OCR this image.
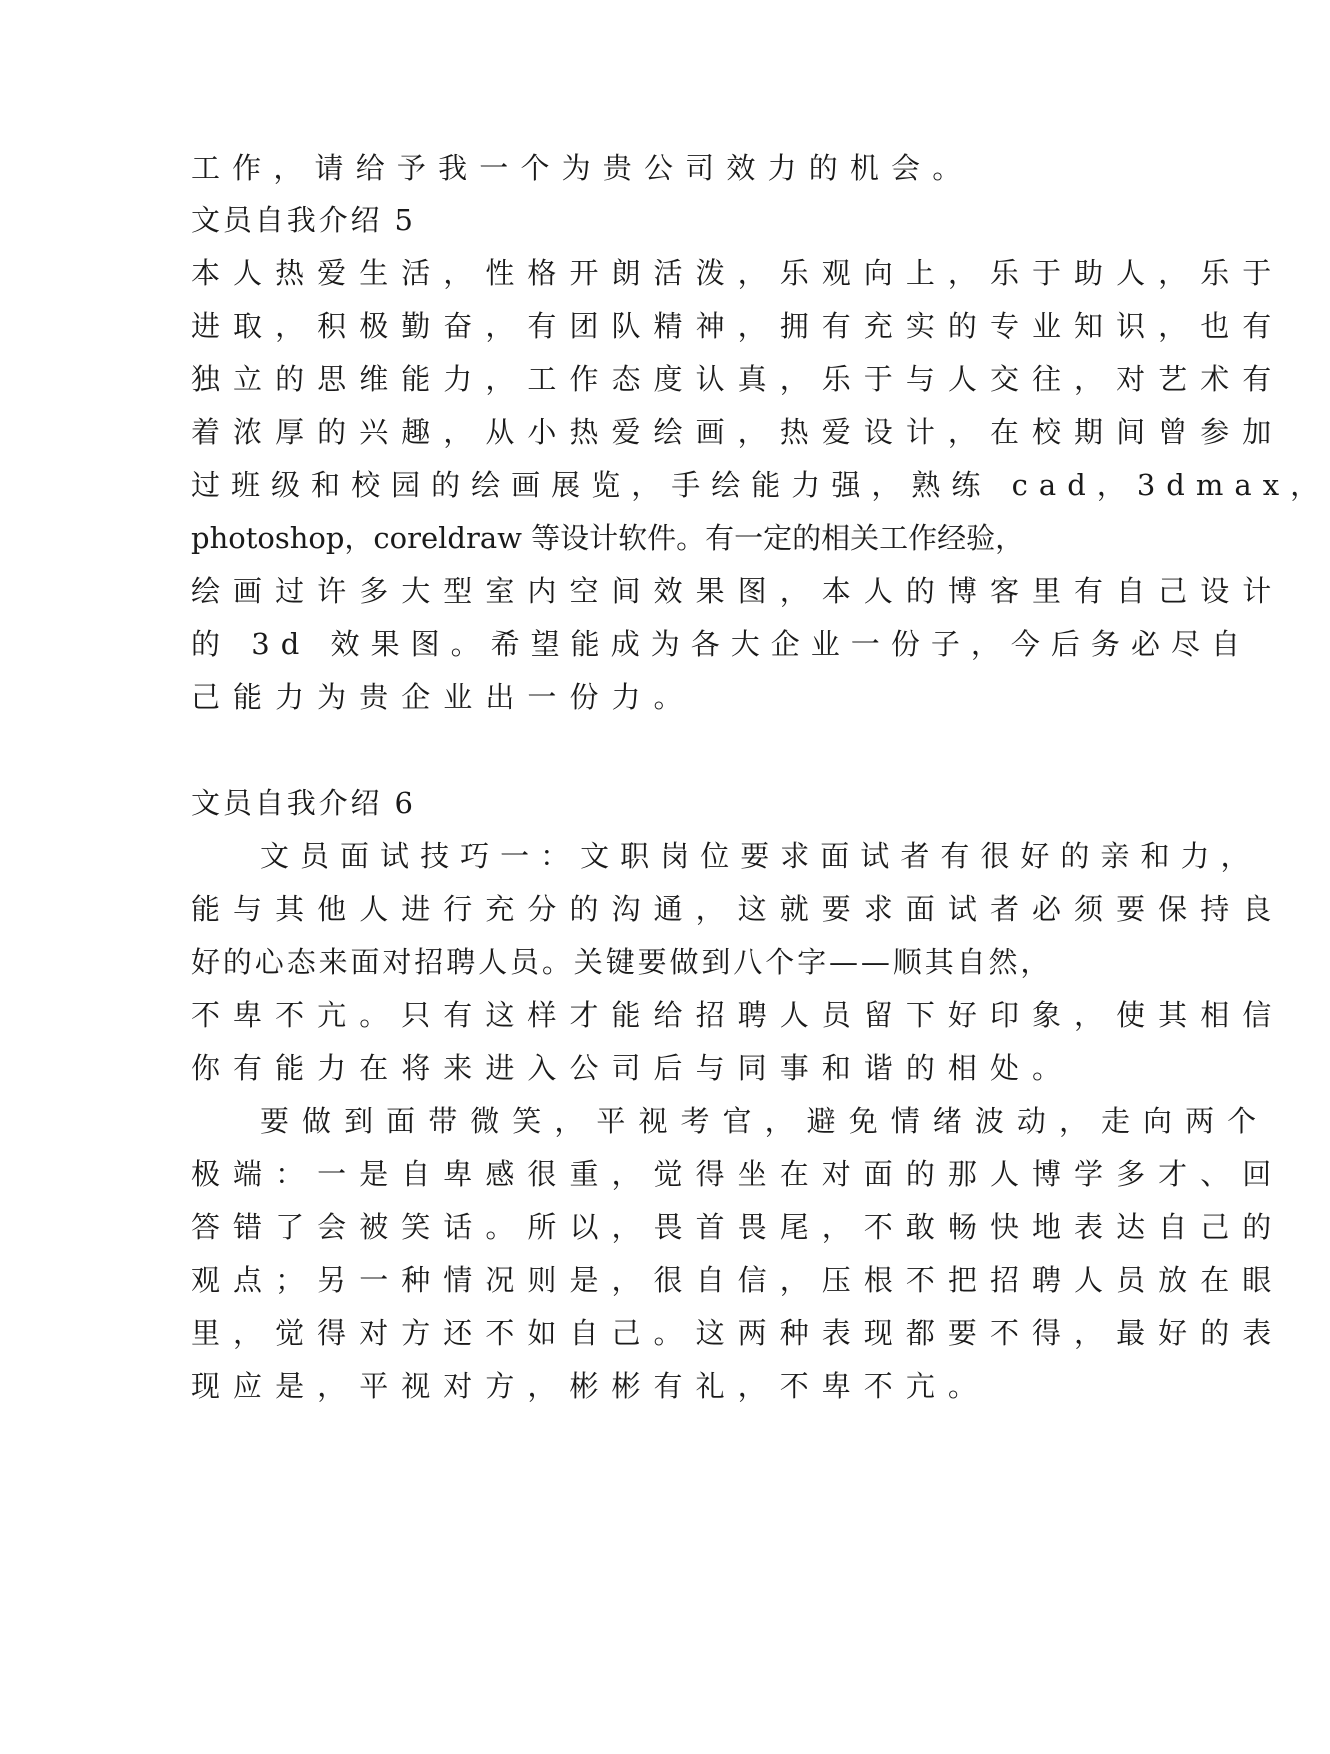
工作，请给予我一个为贵公司效力的机会。
文员自我介绍 5
本人热爱生活，性格开朗活泼，乐观向上，乐于助人，乐于
进取，积极勤奋，有团队精神，拥有充实的专业知识，也有
独立的思维能力，工作态度认真，乐于与人交往，对艺术有
着浓厚的兴趣，从小热爱绘画，热爱设计，在校期间曾参加
过班级和校园的绘画展览，手绘能力强，熟练 cad，3dmax，
photoshop，coreldraw 等设计软件。有一定的相关工作经验，
绘画过许多大型室内空间效果图，本人的博客里有自己设计
的 3d 效果图。希望能成为各大企业一份子，今后务必尽自
己能力为贵企业出一份力。
文员自我介绍 6
文员面试技巧一：文职岗位要求面试者有很好的亲和力，
能与其他人进行充分的沟通，这就要求面试者必须要保持良
好的心态来面对招聘人员。关键要做到八个字——顺其自然，
不卑不亢。只有这样才能给招聘人员留下好印象，使其相信
你有能力在将来进入公司后与同事和谐的相处。
要做到面带微笑，平视考官，避免情绪波动，走向两个
极端：一是自卑感很重，觉得坐在对面的那人博学多才、回
答错了会被笑话。所以，畏首畏尾，不敢畅快地表达自己的
观点；另一种情况则是，很自信，压根不把招聘人员放在眼
里，觉得对方还不如自己。这两种表现都要不得，最好的表
现应是，平视对方，彬彬有礼，不卑不亢。
